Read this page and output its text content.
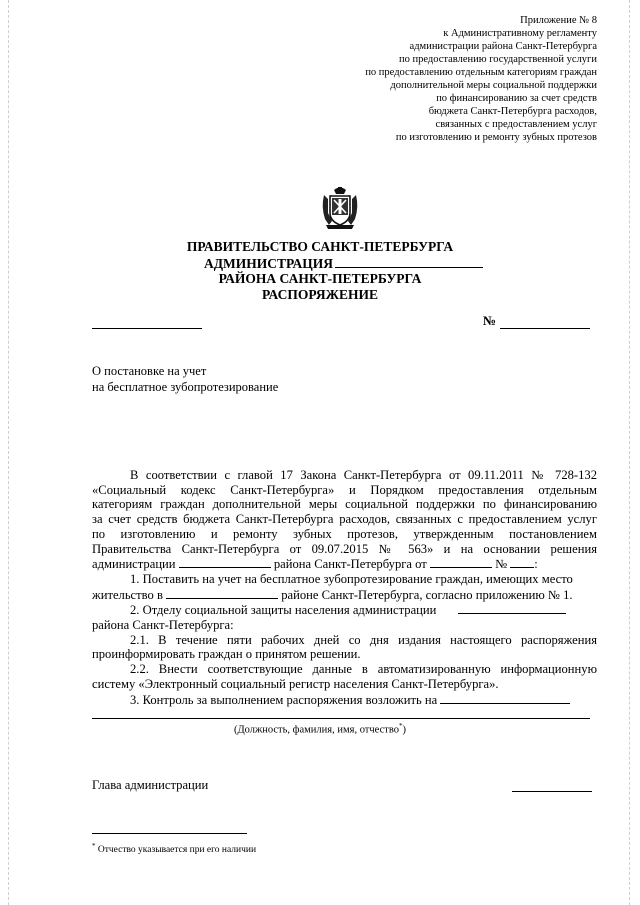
Приложение № 8
к Административному регламенту
администрации района Санкт-Петербурга
по предоставлению государственной услуги
по предоставлению отдельным категориям граждан
дополнительной меры социальной поддержки
по финансированию за счет средств
бюджета Санкт-Петербурга расходов,
связанных с предоставлением услуг
по изготовлению и ремонту зубных протезов
ПРАВИТЕЛЬСТВО САНКТ-ПЕТЕРБУРГА
АДМИНИСТРАЦИЯ
РАЙОНА САНКТ-ПЕТЕРБУРГА
РАСПОРЯЖЕНИЕ
№
О постановке на учет
на бесплатное зубопротезирование
В соответствии с главой 17 Закона Санкт-Петербурга от 09.11.2011 № 728-132
«Социальный кодекс Санкт-Петербурга» и Порядком предоставления отдельным
категориям граждан дополнительной меры социальной поддержки по финансированию
за счет средств бюджета Санкт-Петербурга расходов, связанных с предоставлением услуг
по изготовлению и ремонту зубных протезов, утвержденным постановлением
Правительства Санкт-Петербурга от 09.07.2015 № 563» и на основании решения
администрации	района Санкт-Петербурга от	№ :
1. Поставить на учет на бесплатное зубопротезирование граждан, имеющих место
жительство в	районе Санкт-Петербурга, согласно приложению № 1.
2. Отделу социальной защиты населения администрации
района Санкт-Петербурга:
2.1. В течение пяти рабочих дней со дня издания настоящего распоряжения
проинформировать граждан о принятом решении.
2.2. Внести соответствующие данные в автоматизированную информационную
систему «Электронный социальный регистр населения Санкт-Петербурга».
3. Контроль за выполнением распоряжения возложить на
(Должность, фамилия, имя, отчество*)
Глава администрации
* Отчество указывается при его наличии
